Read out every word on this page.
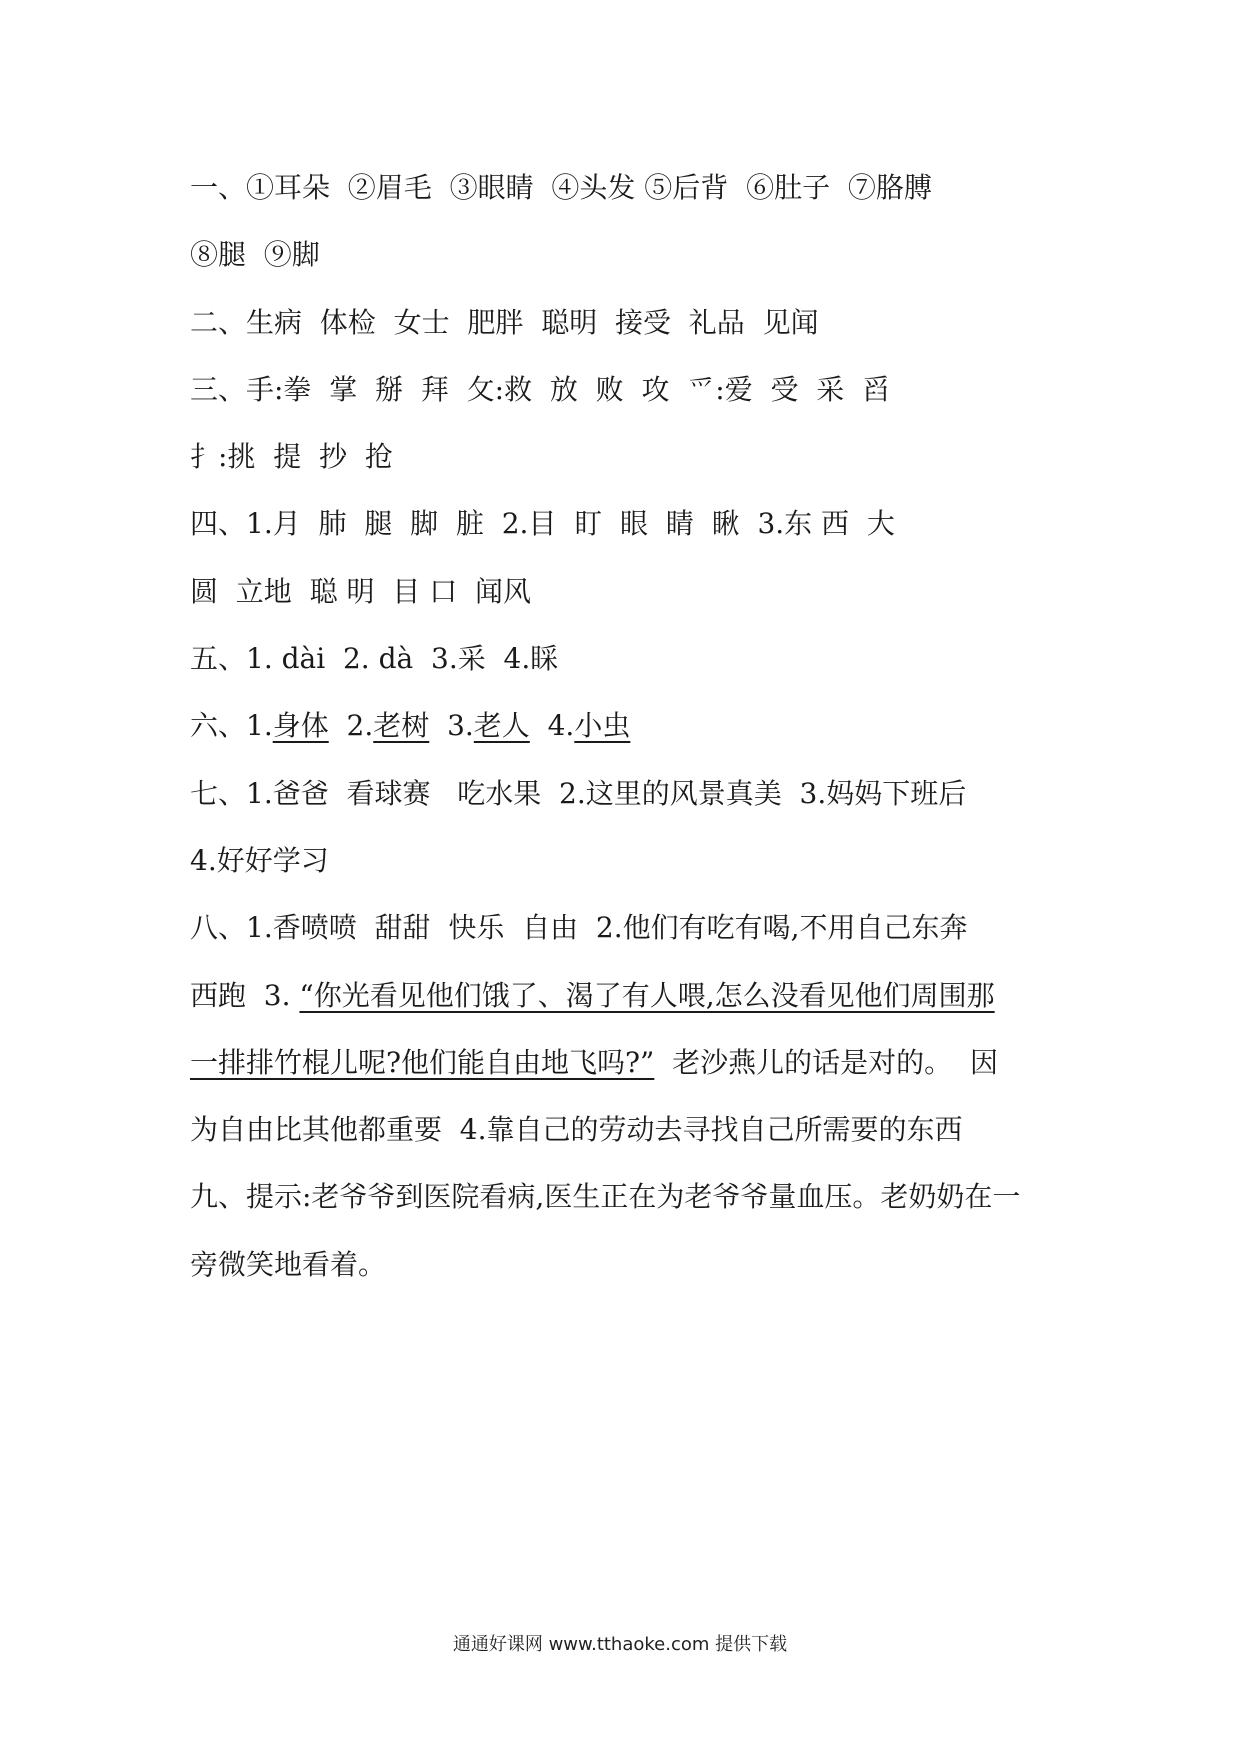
一、①耳朵  ②眉毛  ③眼睛  ④头发 ⑤后背  ⑥肚子  ⑦胳膊
⑧腿  ⑨脚
二、生病  体检  女士  肥胖  聪明  接受  礼品  见闻
三、手:拳  掌  掰  拜  攵:救  放  败  攻  爫:爱  受  采  舀
扌:挑  提  抄  抢
四、1.月  肺  腿  脚  脏  2.目  盯  眼  睛  瞅  3.东 西  大
圆  立地  聪 明  目 口  闻风
五、1. dài  2. dà  3.采  4.睬
六、1.身体  2.老树  3.老人  4.小虫
七、1.爸爸  看球赛   吃水果  2.这里的风景真美  3.妈妈下班后
4.好好学习
八、1.香喷喷  甜甜  快乐  自由  2.他们有吃有喝,不用自己东奔
西跑  3. “你光看见他们饿了、渴了有人喂,怎么没看见他们周围那
一排排竹棍儿呢?他们能自由地飞吗?”  老沙燕儿的话是对的。  因
为自由比其他都重要  4.靠自己的劳动去寻找自己所需要的东西
九、提示:老爷爷到医院看病,医生正在为老爷爷量血压。老奶奶在一
旁微笑地看着。
通通好课网 www.tthaoke.com 提供下载
